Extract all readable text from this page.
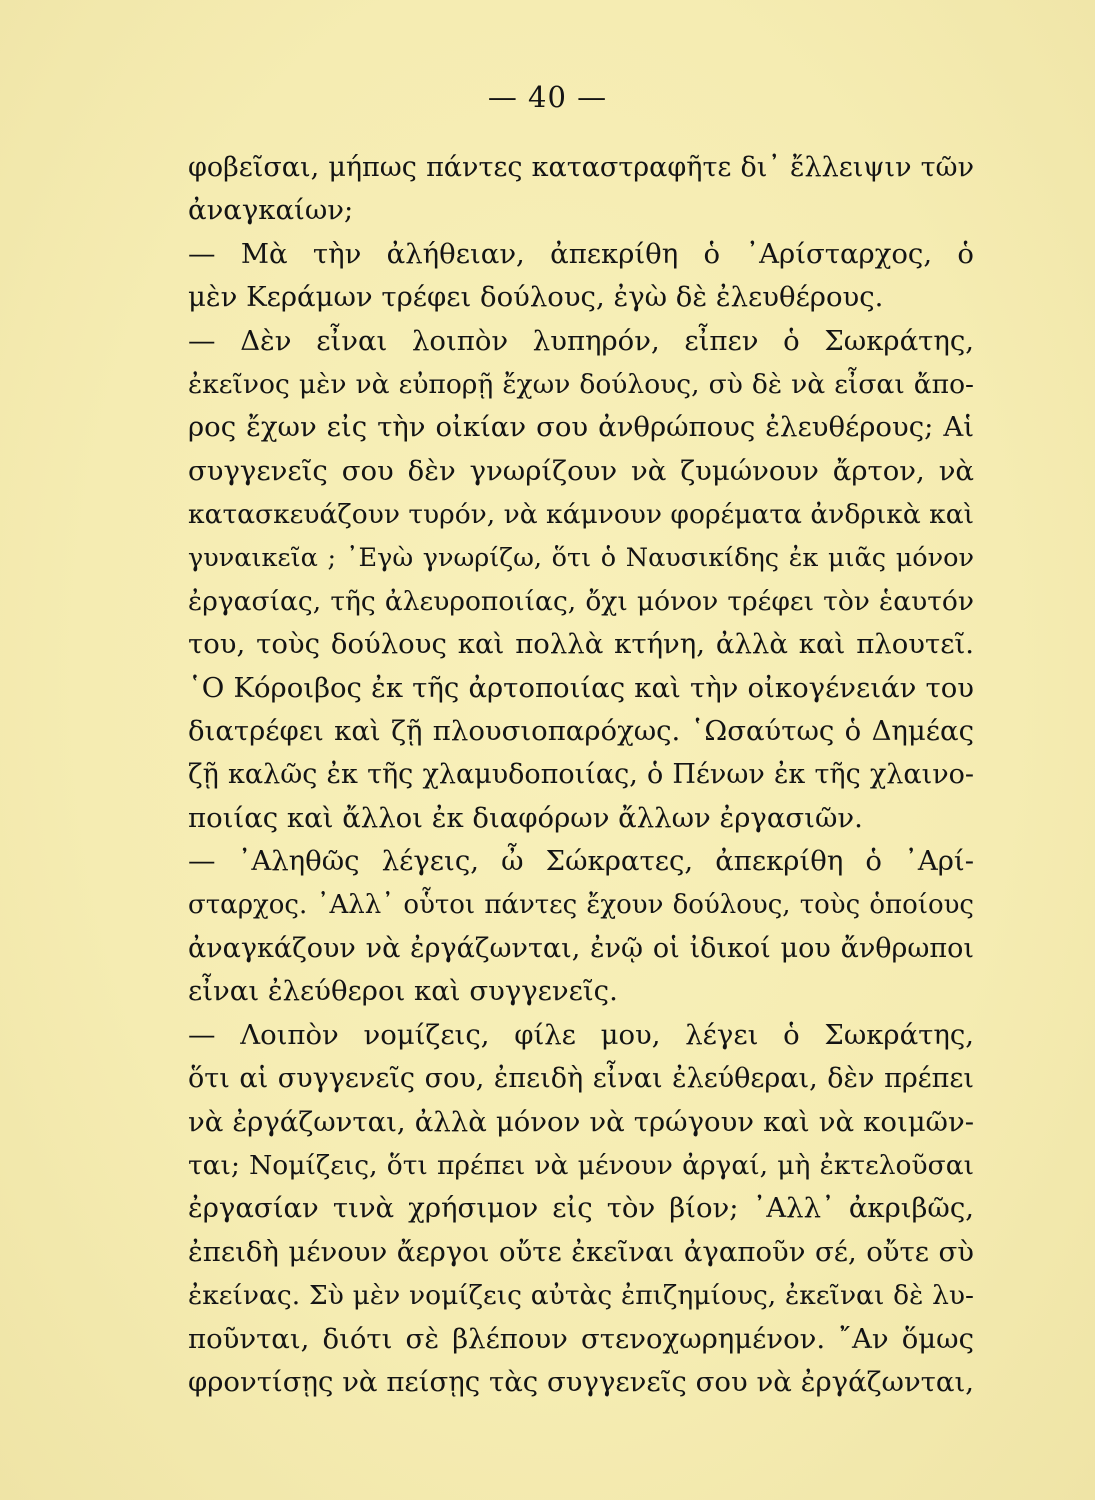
— 40 —
φοβεῖσαι, μήπως πάντες καταστραφῆτε δι᾿ ἔλλειψιν τῶν
ἀναγκαίων;
— Μὰ τὴν ἀλήθειαν, ἀπεκρίθη ὁ ᾿Αρίσταρχος, ὁ
μὲν Κεράμων τρέφει δούλους, ἐγὼ δὲ ἐλευθέρους.
— Δὲν εἶναι λοιπὸν λυπηρόν, εἶπεν ὁ Σωκράτης,
ἐκεῖνος μὲν νὰ εὐπορῇ ἔχων δούλους, σὺ δὲ νὰ εἶσαι ἄπο-
ρος ἔχων εἰς τὴν οἰκίαν σου ἀνθρώπους ἐλευθέρους; Αἱ
συγγενεῖς σου δὲν γνωρίζουν νὰ ζυμώνουν ἄρτον, νὰ
κατασκευάζουν τυρόν, νὰ κάμνουν φορέματα ἀνδρικὰ καὶ
γυναικεῖα ; ᾿Εγὼ γνωρίζω, ὅτι ὁ Ναυσικίδης ἐκ μιᾶς μόνον
ἐργασίας, τῆς ἀλευροποιίας, ὄχι μόνον τρέφει τὸν ἑαυτόν
του, τοὺς δούλους καὶ πολλὰ κτήνη, ἀλλὰ καὶ πλουτεῖ.
῾Ο Κόροιβος ἐκ τῆς ἀρτοποιίας καὶ τὴν οἰκογένειάν του
διατρέφει καὶ ζῇ πλουσιοπαρόχως. ῾Ωσαύτως ὁ Δημέας
ζῇ καλῶς ἐκ τῆς χλαμυδοποιίας, ὁ Πένων ἐκ τῆς χλαινο-
ποιίας καὶ ἄλλοι ἐκ διαφόρων ἄλλων ἐργασιῶν.
— ᾿Αληθῶς λέγεις, ὦ Σώκρατες, ἀπεκρίθη ὁ ᾿Αρί-
σταρχος. ᾿Αλλ᾿ οὗτοι πάντες ἔχουν δούλους, τοὺς ὁποίους
ἀναγκάζουν νὰ ἐργάζωνται, ἐνῷ οἱ ἰδικοί μου ἄνθρωποι
εἶναι ἐλεύθεροι καὶ συγγενεῖς.
— Λοιπὸν νομίζεις, φίλε μου, λέγει ὁ Σωκράτης,
ὅτι αἱ συγγενεῖς σου, ἐπειδὴ εἶναι ἐλεύθεραι, δὲν πρέπει
νὰ ἐργάζωνται, ἀλλὰ μόνον νὰ τρώγουν καὶ νὰ κοιμῶν-
ται; Νομίζεις, ὅτι πρέπει νὰ μένουν ἀργαί, μὴ ἐκτελοῦσαι
ἐργασίαν τινὰ χρήσιμον εἰς τὸν βίον; ᾿Αλλ᾿ ἀκριβῶς,
ἐπειδὴ μένουν ἄεργοι οὔτε ἐκεῖναι ἀγαποῦν σέ, οὔτε σὺ
ἐκείνας. Σὺ μὲν νομίζεις αὐτὰς ἐπιζημίους, ἐκεῖναι δὲ λυ-
ποῦνται, διότι σὲ βλέπουν στενοχωρημένον. ῎Αν ὅμως
φροντίσῃς νὰ πείσῃς τὰς συγγενεῖς σου νὰ ἐργάζωνται,
